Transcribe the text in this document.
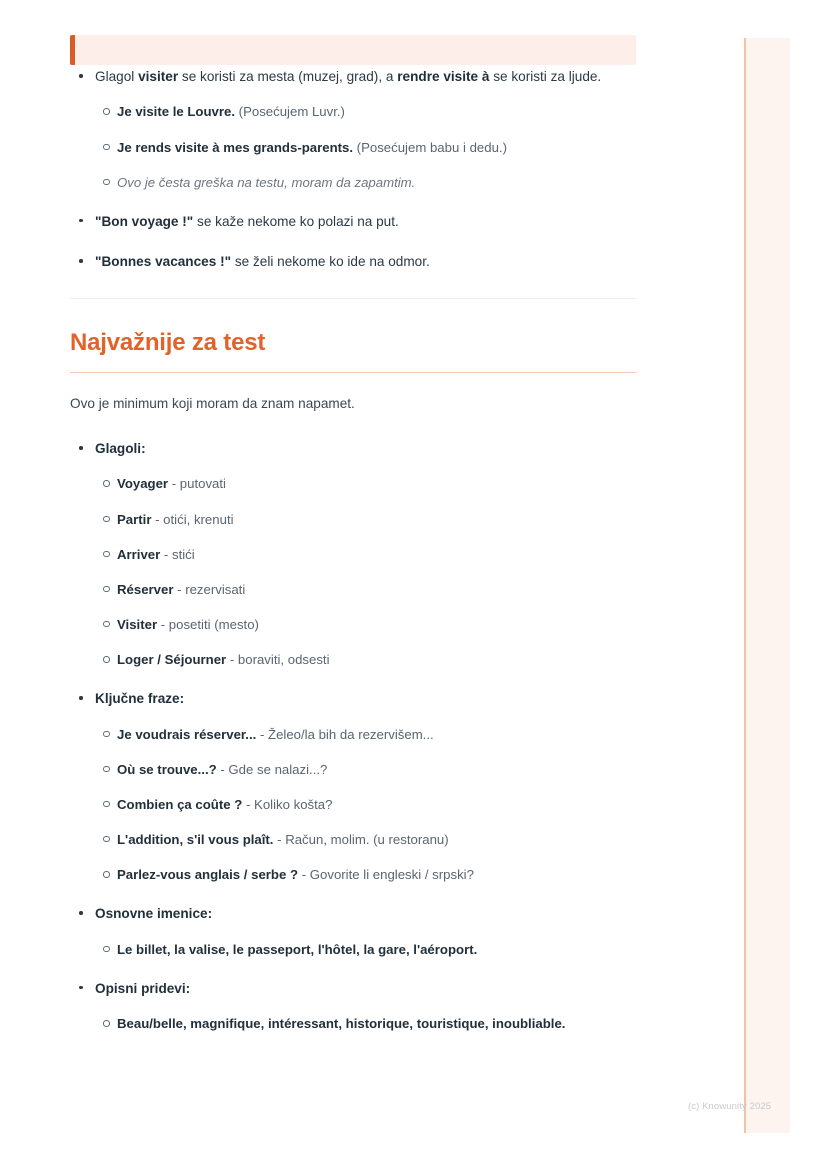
(c) Knowunity 2025
Glagol visiter se koristi za mesta (muzej, grad), a rendre visite à se koristi za ljude.
Je visite le Louvre. (Posećujem Luvr.)
Je rends visite à mes grands-parents. (Posećujem babu i dedu.)
Ovo je česta greška na testu, moram da zapamtim.
"Bon voyage !" se kaže nekome ko polazi na put.
"Bonnes vacances !" se želi nekome ko ide na odmor.
Najvažnije za test

Ovo je minimum koji moram da znam napamet.

Glagoli:
Voyager - putovati
Partir - otići, krenuti
Arriver - stići
Réserver - rezervisati
Visiter - posetiti (mesto)
Loger / Séjourner - boraviti, odsesti
Ključne fraze:
Je voudrais réserver... - Želeo/la bih da rezervišem...
Où se trouve...? - Gde se nalazi...?
Combien ça coûte ? - Koliko košta?
L'addition, s'il vous plaît. - Račun, molim. (u restoranu)
Parlez-vous anglais / serbe ? - Govorite li engleski / srpski?
Osnovne imenice:
Le billet, la valise, le passeport, l'hôtel, la gare, l'aéroport.
Opisni pridevi:
Beau/belle, magnifique, intéressant, historique, touristique, inoubliable.
